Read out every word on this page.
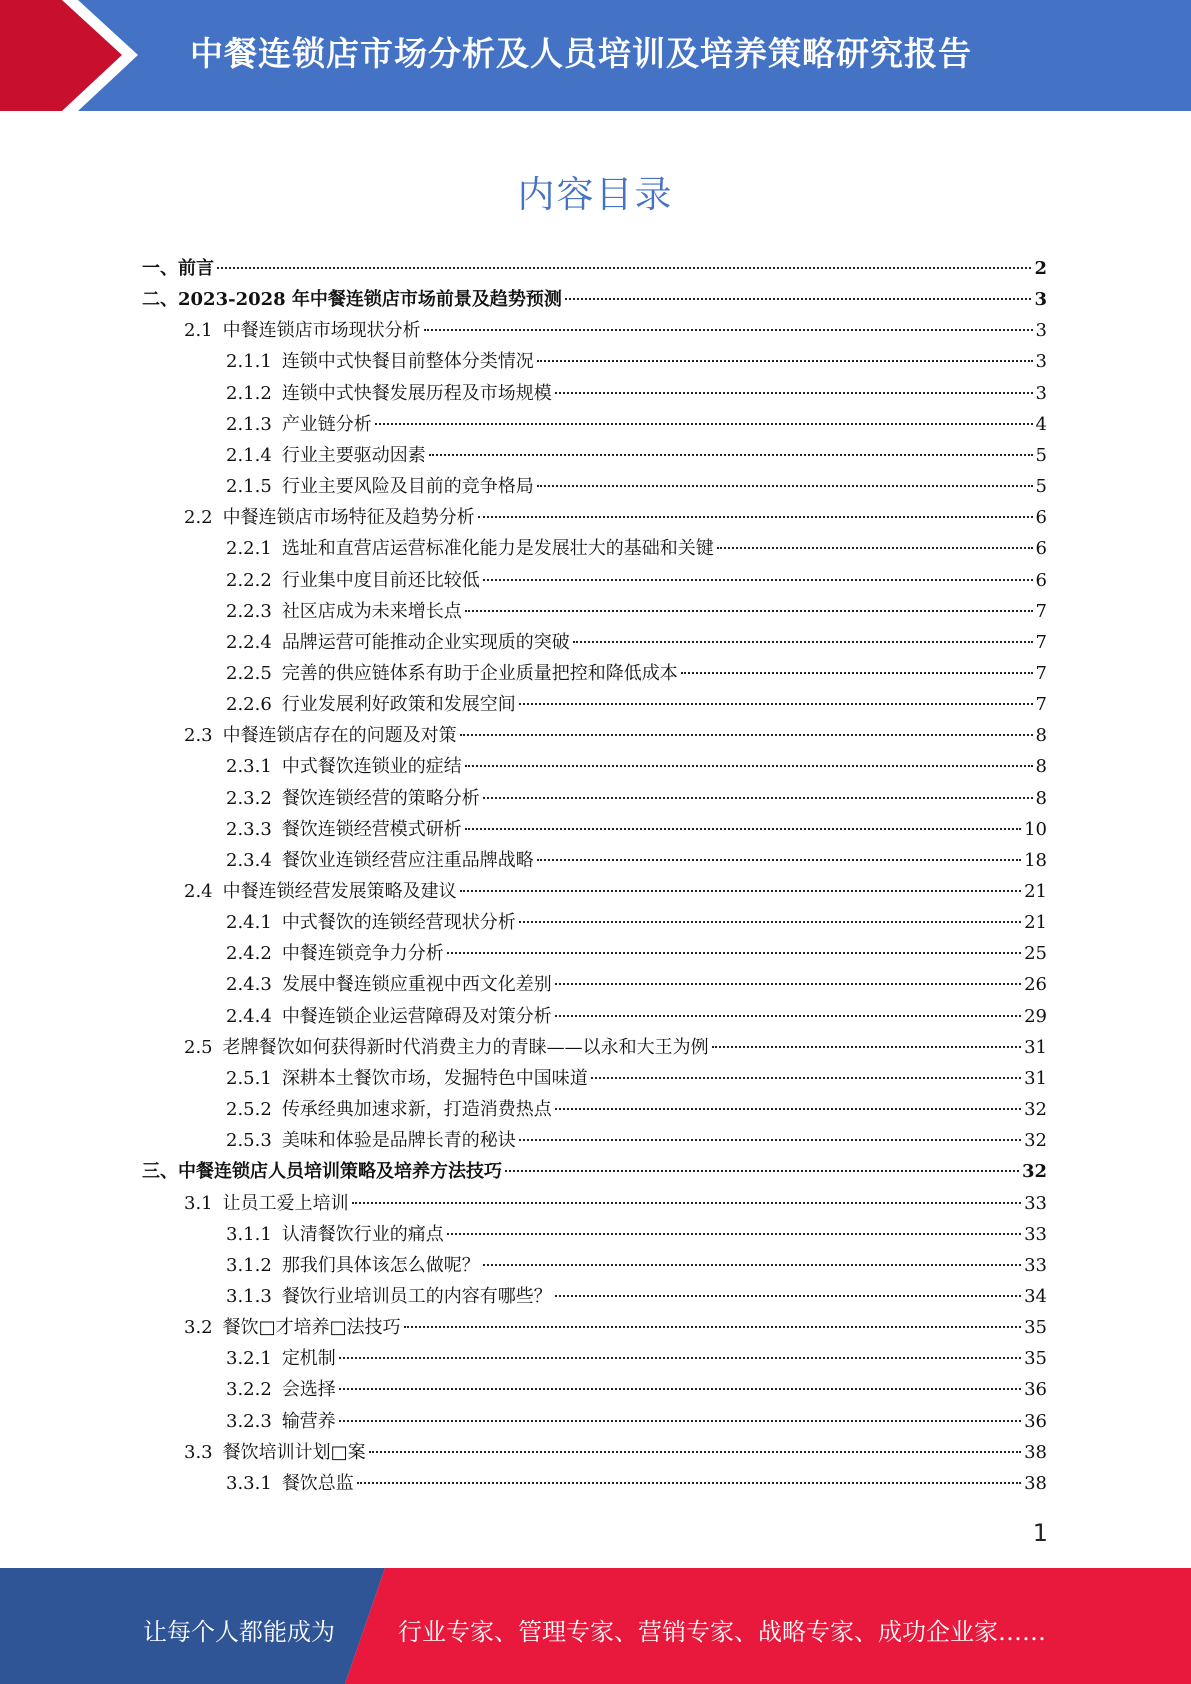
中餐连锁店市场分析及人员培训及培养策略研究报告
内容目录
一、 前言	2
二、 2023-2028 年中餐连锁店市场前景及趋势预测	3
2.1 中餐连锁店市场现状分析	3
2.1.1 连锁中式快餐目前整体分类情况	3
2.1.2 连锁中式快餐发展历程及市场规模	3
2.1.3 产业链分析	4
2.1.4 行业主要驱动因素	5
2.1.5 行业主要风险及目前的竞争格局	5
2.2 中餐连锁店市场特征及趋势分析	6
2.2.1 选址和直营店运营标准化能力是发展壮大的基础和关键	6
2.2.2 行业集中度目前还比较低	6
2.2.3 社区店成为未来增长点	7
2.2.4 品牌运营可能推动企业实现质的突破	7
2.2.5 完善的供应链体系有助于企业质量把控和降低成本	7
2.2.6 行业发展利好政策和发展空间	7
2.3 中餐连锁店存在的问题及对策	8
2.3.1 中式餐饮连锁业的症结	8
2.3.2 餐饮连锁经营的策略分析	8
2.3.3 餐饮连锁经营模式研析	10
2.3.4 餐饮业连锁经营应注重品牌战略	18
2.4 中餐连锁经营发展策略及建议	21
2.4.1 中式餐饮的连锁经营现状分析	21
2.4.2 中餐连锁竞争力分析	25
2.4.3 发展中餐连锁应重视中西文化差别	26
2.4.4 中餐连锁企业运营障碍及对策分析	29
2.5 老牌餐饮如何获得新时代消费主力的青睐——以永和大王为例	31
2.5.1 深耕本土餐饮市场，发掘特色中国味道	31
2.5.2 传承经典加速求新，打造消费热点	32
2.5.3 美味和体验是品牌长青的秘诀	32
三、 中餐连锁店人员培训策略及培养方法技巧	32
3.1 让员工爱上培训	33
3.1.1 认清餐饮行业的痛点	33
3.1.2 那我们具体该怎么做呢？	33
3.1.3 餐饮行业培训员工的内容有哪些？	34
3.2 餐饮□才培养□法技巧	35
3.2.1 定机制	35
3.2.2 会选择	36
3.2.3 输营养	36
3.3 餐饮培训计划□案	38
3.3.1 餐饮总监	38
1
让每个人都能成为	行业专家、管理专家、营销专家、战略专家、成功企业家……
